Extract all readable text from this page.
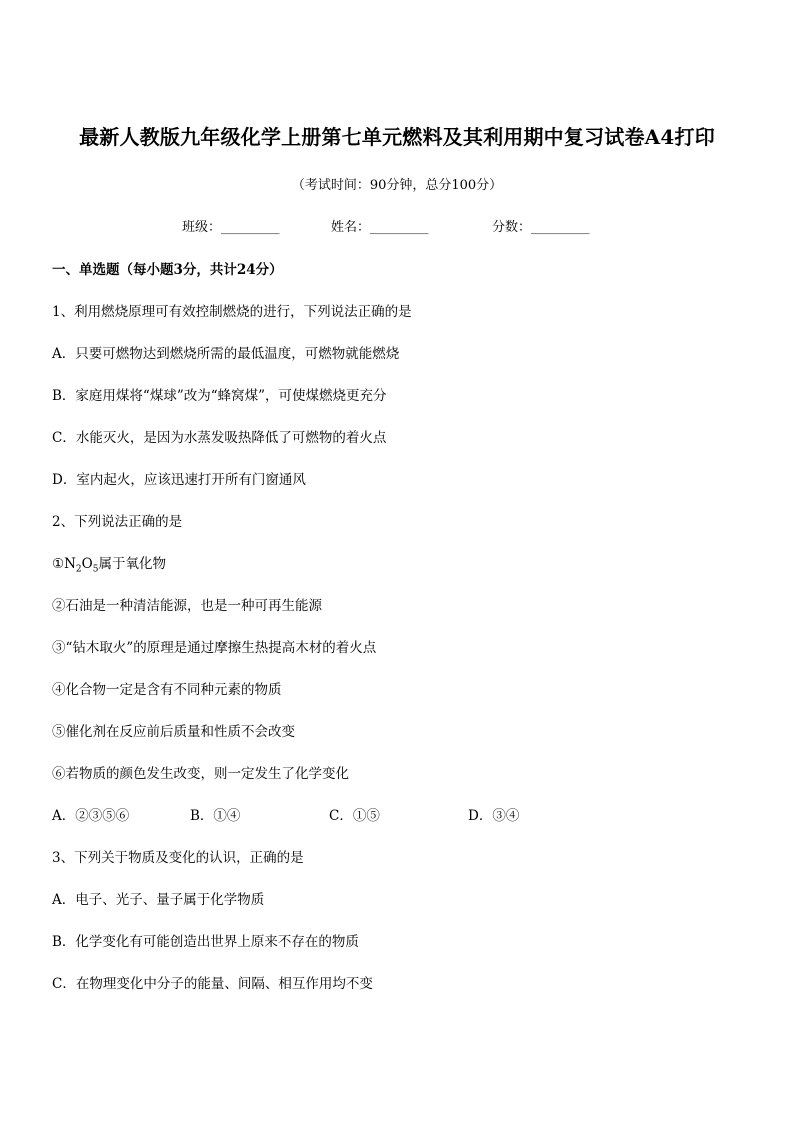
最新人教版九年级化学上册第七单元燃料及其利用期中复习试卷A4打印
（考试时间：90分钟，总分100分）
班级：_________	姓名：_________	分数：_________
一、单选题（每小题3分，共计24分）
1、利用燃烧原理可有效控制燃烧的进行，下列说法正确的是
A．只要可燃物达到燃烧所需的最低温度，可燃物就能燃烧
B．家庭用煤将“煤球”改为“蜂窝煤”，可使煤燃烧更充分
C．水能灭火，是因为水蒸发吸热降低了可燃物的着火点
D．室内起火，应该迅速打开所有门窗通风
2、下列说法正确的是
$①N_2O_5$属于氧化物
②石油是一种清洁能源，也是一种可再生能源
③“钻木取火”的原理是通过摩擦生热提高木材的着火点
④化合物一定是含有不同种元素的物质
⑤催化剂在反应前后质量和性质不会改变
⑥若物质的颜色发生改变，则一定发生了化学变化
A．②③⑤⑥	B．①④	C．①⑤	D．③④
3、下列关于物质及变化的认识，正确的是
A．电子、光子、量子属于化学物质
B．化学变化有可能创造出世界上原来不存在的物质
C．在物理变化中分子的能量、间隔、相互作用均不变
